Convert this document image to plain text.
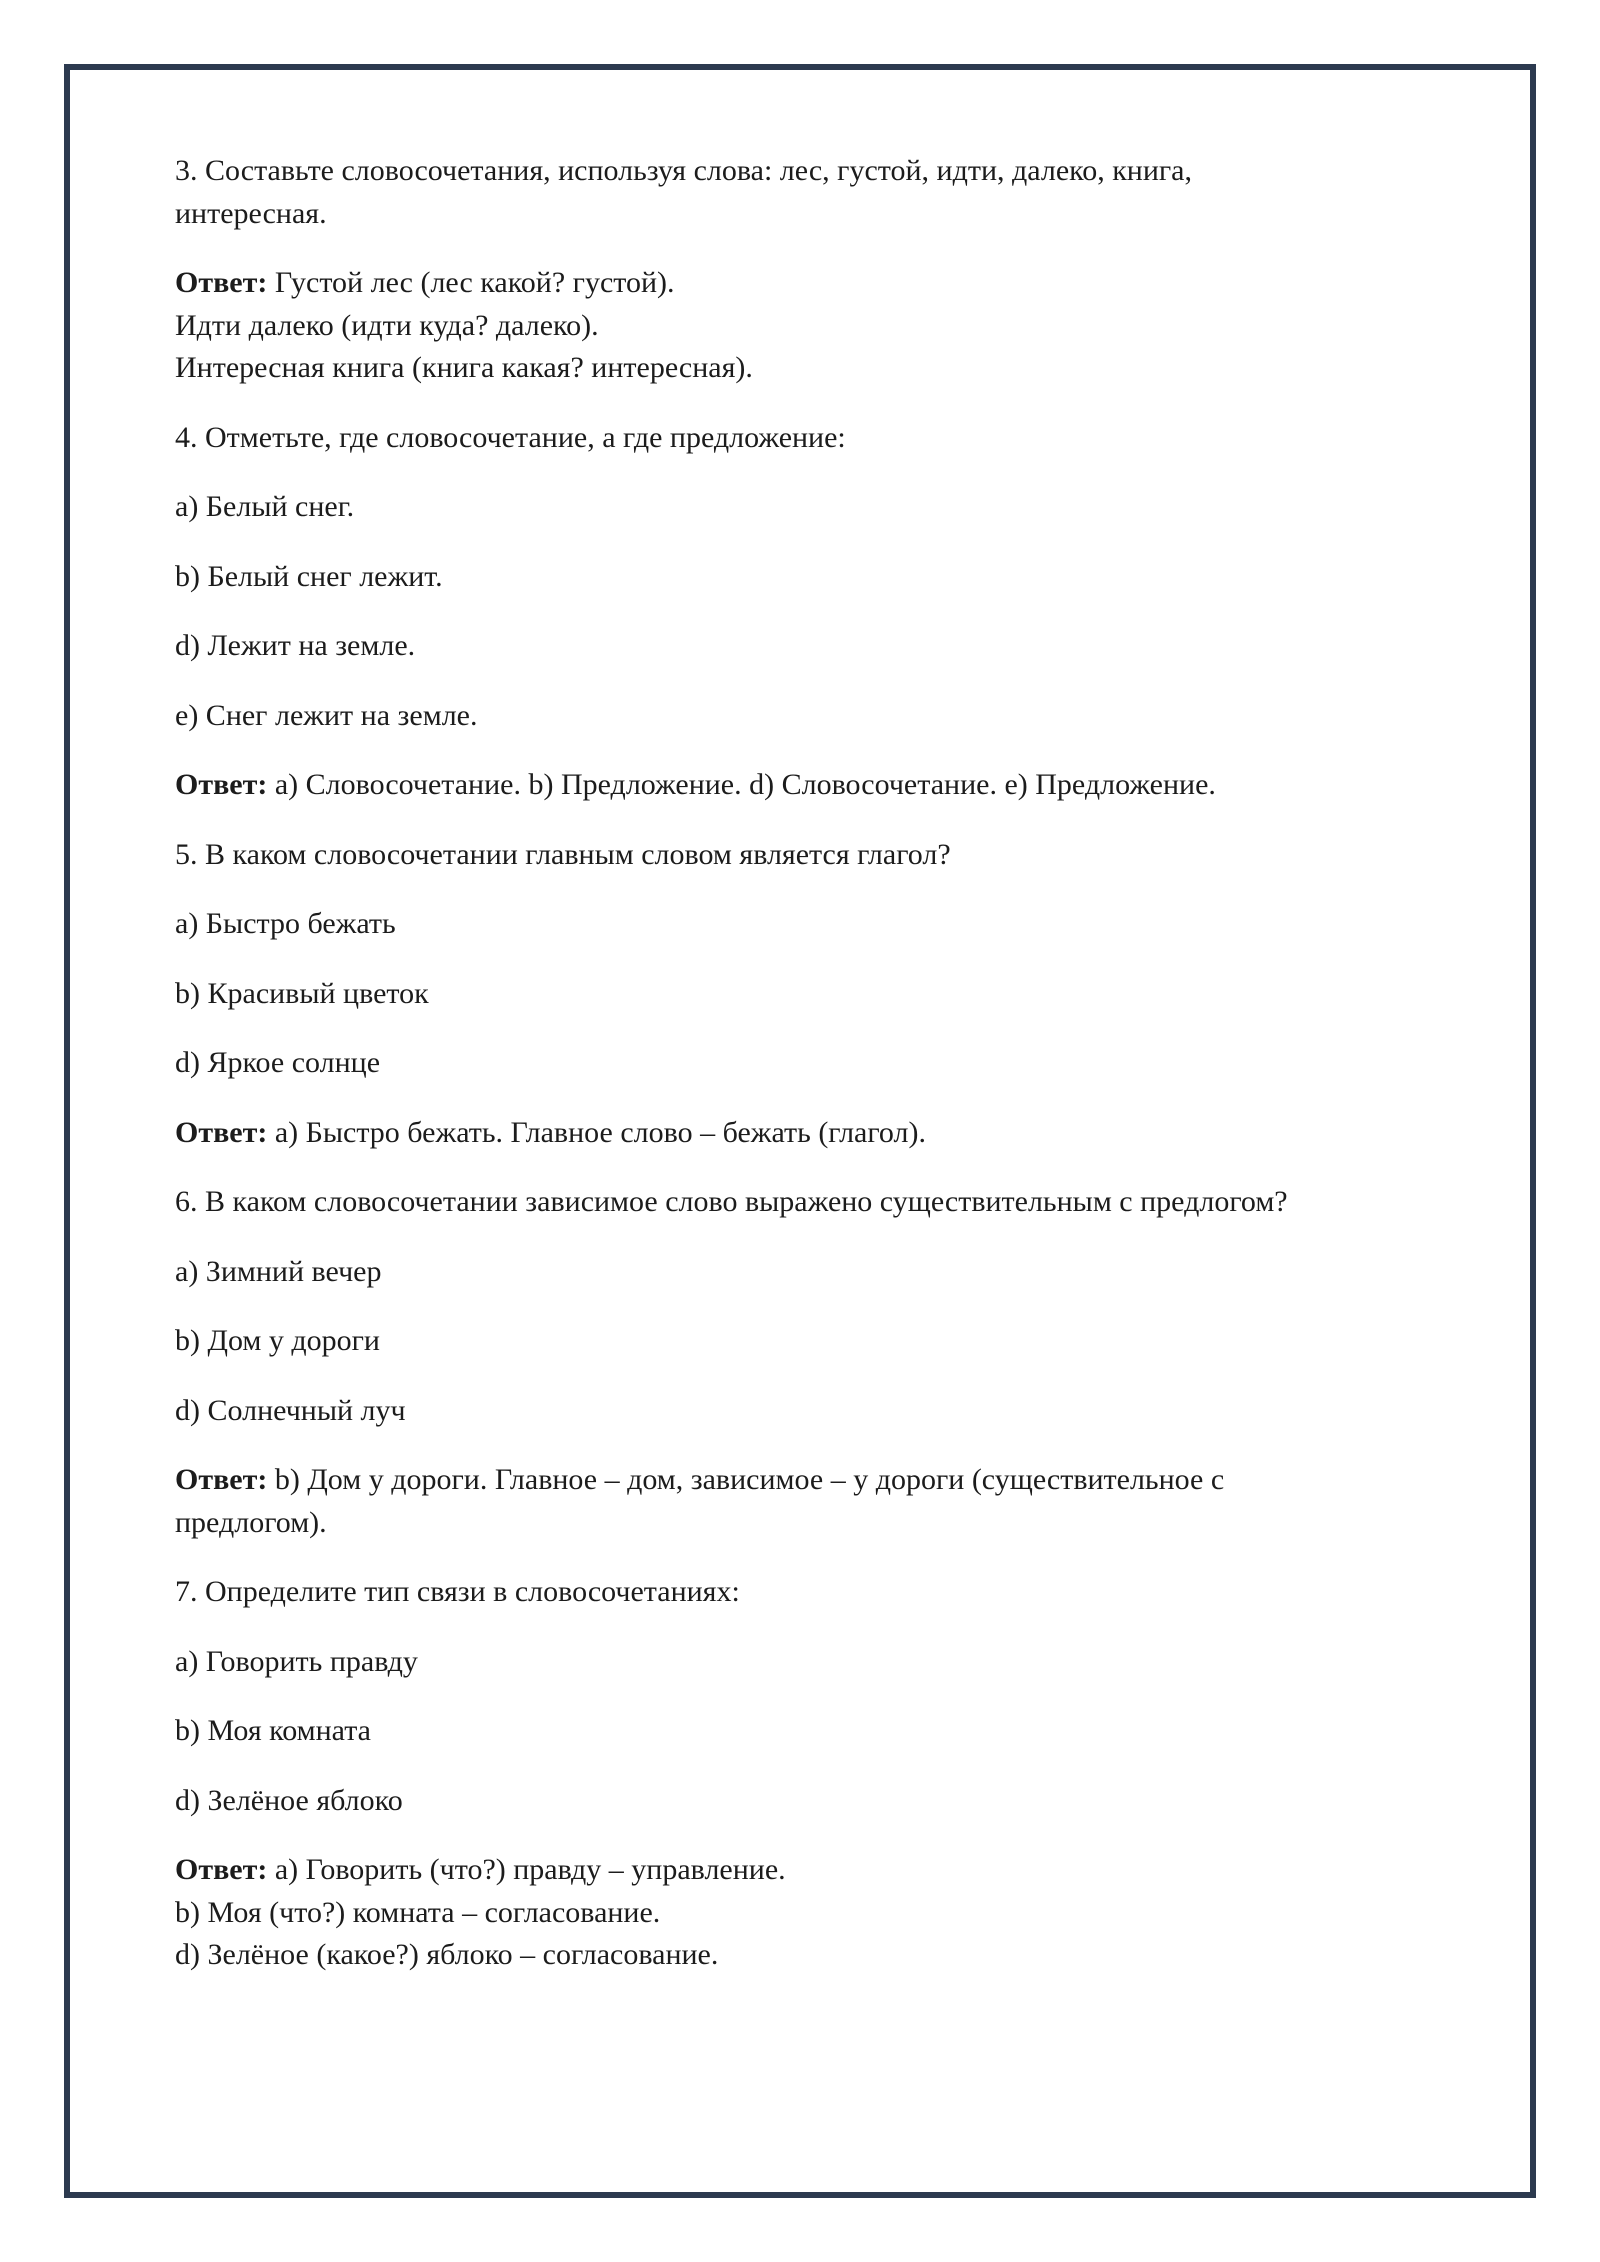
3. Составьте словосочетания, используя слова: лес, густой, идти, далеко, книга,
интересная.

Ответ: Густой лес (лес какой? густой).
Идти далеко (идти куда? далеко).
Интересная книга (книга какая? интересная).

4. Отметьте, где словосочетание, а где предложение:

a) Белый снег.

b) Белый снег лежит.

d) Лежит на земле.

e) Снег лежит на земле.

Ответ: a) Словосочетание. b) Предложение. d) Словосочетание. e) Предложение.

5. В каком словосочетании главным словом является глагол?

a) Быстро бежать

b) Красивый цветок

d) Яркое солнце

Ответ: a) Быстро бежать. Главное слово – бежать (глагол).

6. В каком словосочетании зависимое слово выражено существительным с предлогом?

a) Зимний вечер

b) Дом у дороги

d) Солнечный луч

Ответ: b) Дом у дороги. Главное – дом, зависимое – у дороги (существительное с
предлогом).

7. Определите тип связи в словосочетаниях:

a) Говорить правду

b) Моя комната

d) Зелёное яблоко

Ответ: a) Говорить (что?) правду – управление.
b) Моя (что?) комната – согласование.
d) Зелёное (какое?) яблоко – согласование.
